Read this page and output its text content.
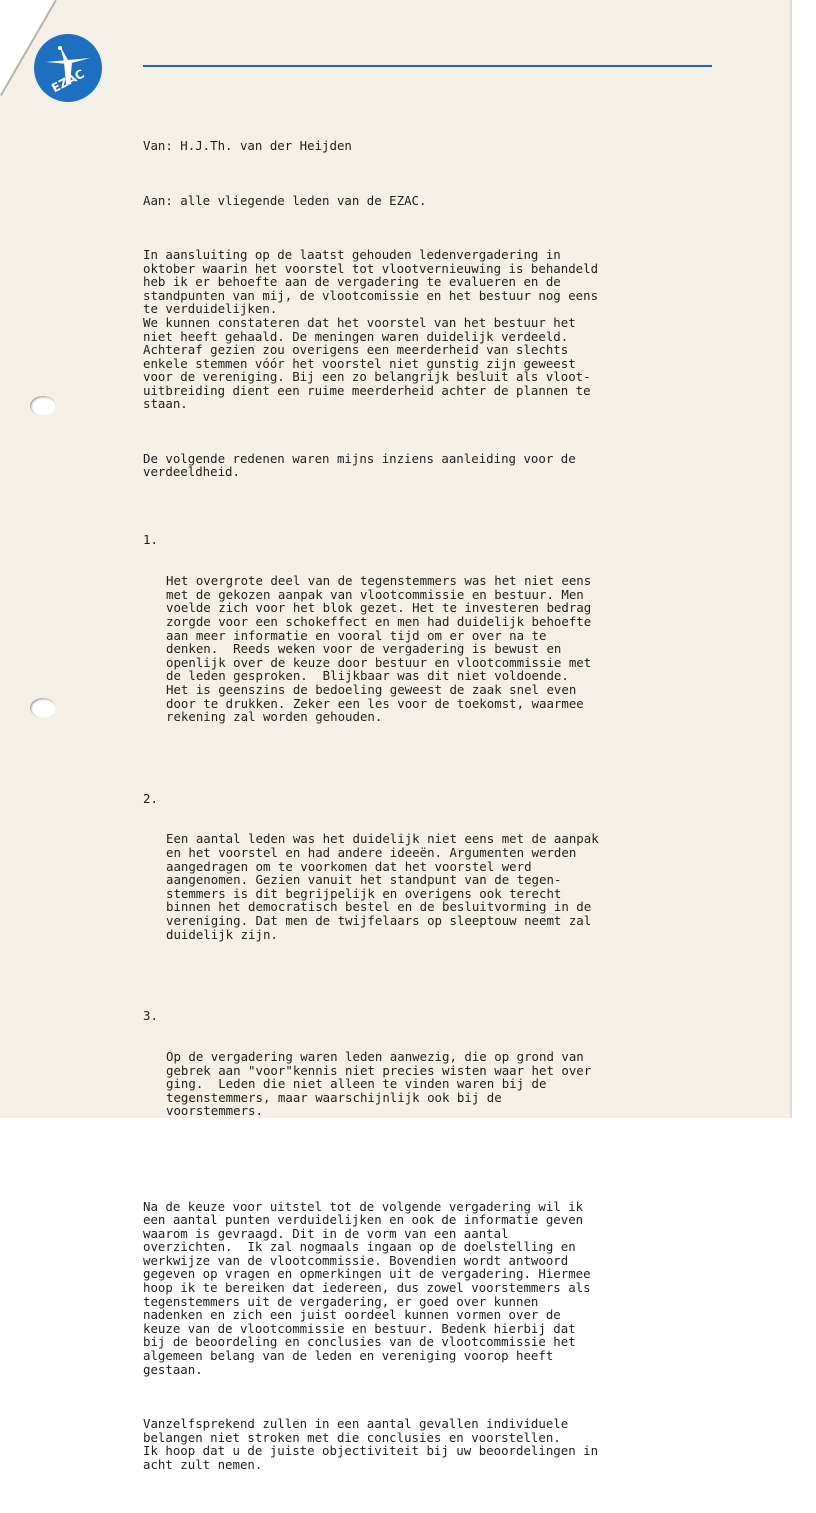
EZAC

Van: H.J.Th. van der Heijden

Aan: alle vliegende leden van de EZAC.

In aansluiting op de laatst gehouden ledenvergadering in
oktober waarin het voorstel tot vlootvernieuwing is behandeld
heb ik er behoefte aan de vergadering te evalueren en de
standpunten van mij, de vlootcomissie en het bestuur nog eens
te verduidelijken.
We kunnen constateren dat het voorstel van het bestuur het
niet heeft gehaald. De meningen waren duidelijk verdeeld.
Achteraf gezien zou overigens een meerderheid van slechts
enkele stemmen vóór het voorstel niet gunstig zijn geweest
voor de vereniging. Bij een zo belangrijk besluit als vloot-
uitbreiding dient een ruime meerderheid achter de plannen te
staan.

De volgende redenen waren mijns inziens aanleiding voor de
verdeeldheid.

1.

Het overgrote deel van de tegenstemmers was het niet eens
met de gekozen aanpak van vlootcommissie en bestuur. Men
voelde zich voor het blok gezet. Het te investeren bedrag
zorgde voor een schokeffect en men had duidelijk behoefte
aan meer informatie en vooral tijd om er over na te
denken.  Reeds weken voor de vergadering is bewust en
openlijk over de keuze door bestuur en vlootcommissie met
de leden gesproken.  Blijkbaar was dit niet voldoende.
Het is geenszins de bedoeling geweest de zaak snel even
door te drukken. Zeker een les voor de toekomst, waarmee
rekening zal worden gehouden.

2.

Een aantal leden was het duidelijk niet eens met de aanpak
en het voorstel en had andere ideeën. Argumenten werden
aangedragen om te voorkomen dat het voorstel werd
aangenomen. Gezien vanuit het standpunt van de tegen-
stemmers is dit begrijpelijk en overigens ook terecht
binnen het democratisch bestel en de besluitvorming in de
vereniging. Dat men de twijfelaars op sleeptouw neemt zal
duidelijk zijn.

3.

Op de vergadering waren leden aanwezig, die op grond van
gebrek aan "voor"kennis niet precies wisten waar het over
ging.  Leden die niet alleen te vinden waren bij de
tegenstemmers, maar waarschijnlijk ook bij de
voorstemmers.

Na de keuze voor uitstel tot de volgende vergadering wil ik
een aantal punten verduidelijken en ook de informatie geven
waarom is gevraagd. Dit in de vorm van een aantal
overzichten.  Ik zal nogmaals ingaan op de doelstelling en
werkwijze van de vlootcommissie. Bovendien wordt antwoord
gegeven op vragen en opmerkingen uit de vergadering. Hiermee
hoop ik te bereiken dat iedereen, dus zowel voorstemmers als
tegenstemmers uit de vergadering, er goed over kunnen
nadenken en zich een juist oordeel kunnen vormen over de
keuze van de vlootcommissie en bestuur. Bedenk hierbij dat
bij de beoordeling en conclusies van de vlootcommissie het
algemeen belang van de leden en vereniging voorop heeft
gestaan.

Vanzelfsprekend zullen in een aantal gevallen individuele
belangen niet stroken met die conclusies en voorstellen.
Ik hoop dat u de juiste objectiviteit bij uw beoordelingen in
acht zult nemen.
